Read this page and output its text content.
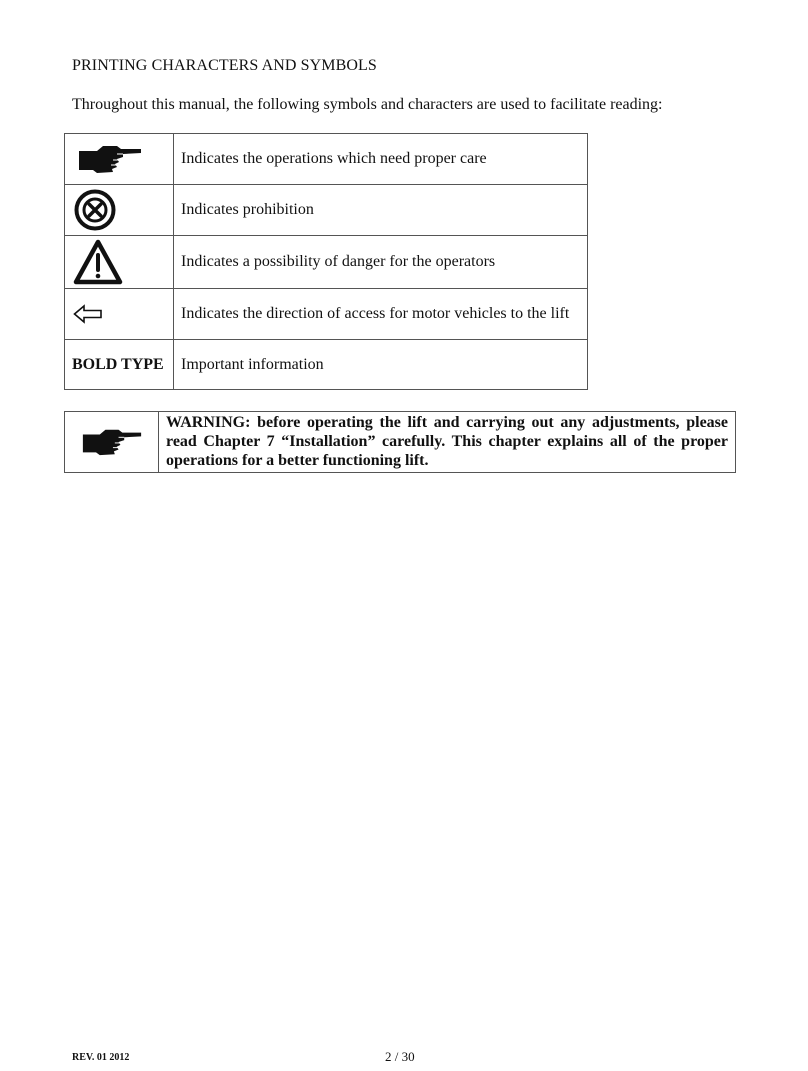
PRINTING CHARACTERS AND SYMBOLS
Throughout this manual, the following symbols and characters are used to facilitate reading:
	Indicates the operations which need proper care

	Indicates prohibition

	Indicates a possibility of danger for the operators

	Indicates the direction of access for motor vehicles to the lift

BOLD TYPE	Important information
	WARNING: before operating the lift and carrying out any adjustments, please read Chapter 7 “Installation” carefully. This chapter explains all of the proper operations for a better functioning lift.
REV. 01 2012	2 / 30
